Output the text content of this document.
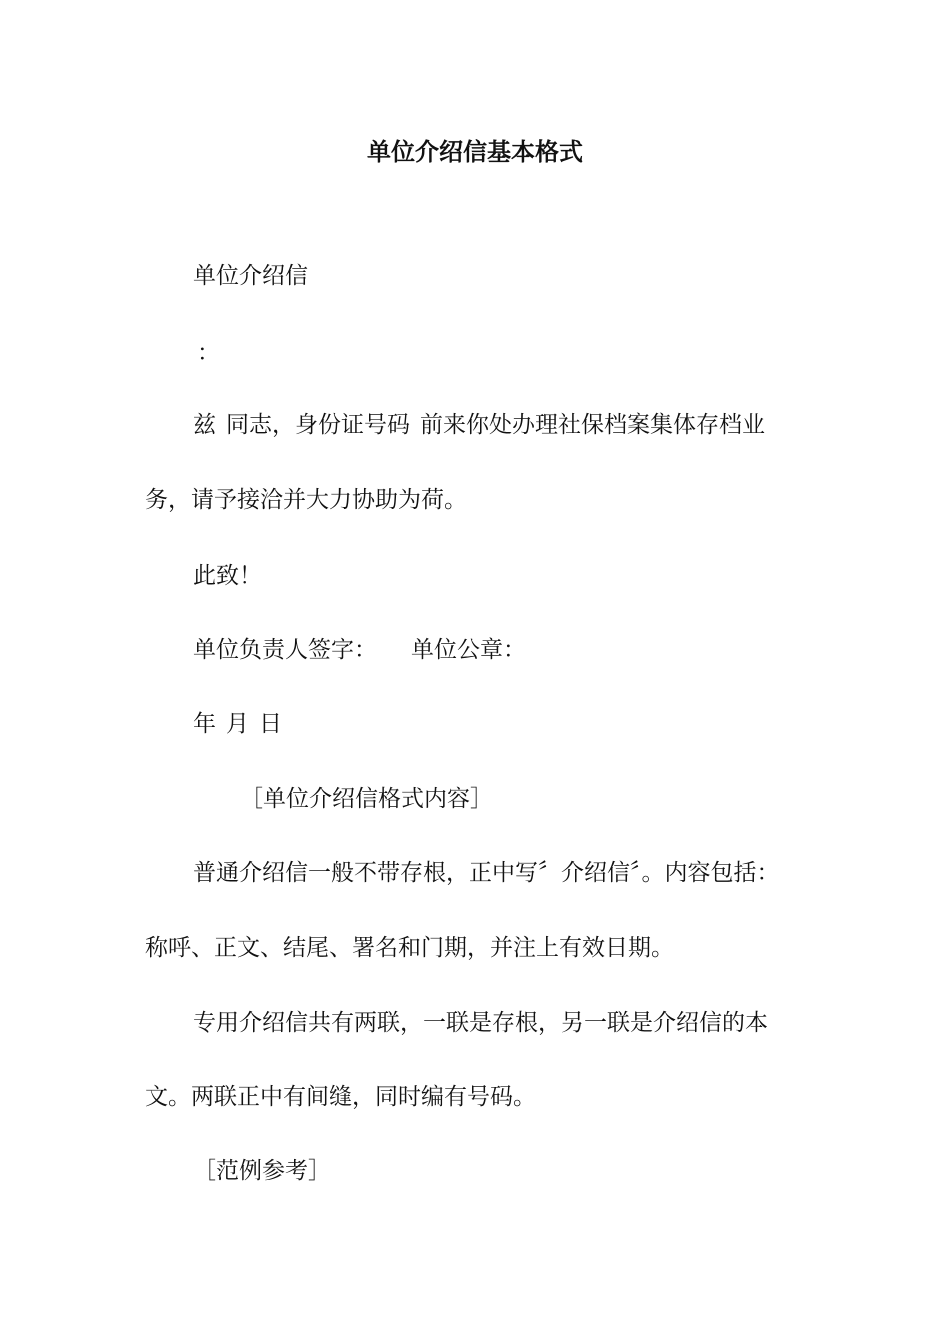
单位介绍信基本格式

单位介绍信

：

兹 同志，身份证号码 前来你处办理社保档案集体存档业

务，请予接洽并大力协助为荷。

此致！

单位负责人签字： 单位公章：

年 月 日

［单位介绍信格式内容］

普通介绍信一般不带存根，正中写〞介绍信〞。内容包括：

称呼、正文、结尾、署名和门期，并注上有效日期。

专用介绍信共有两联，一联是存根，另一联是介绍信的本

文。两联正中有间缝，同时编有号码。

［范例参考］
